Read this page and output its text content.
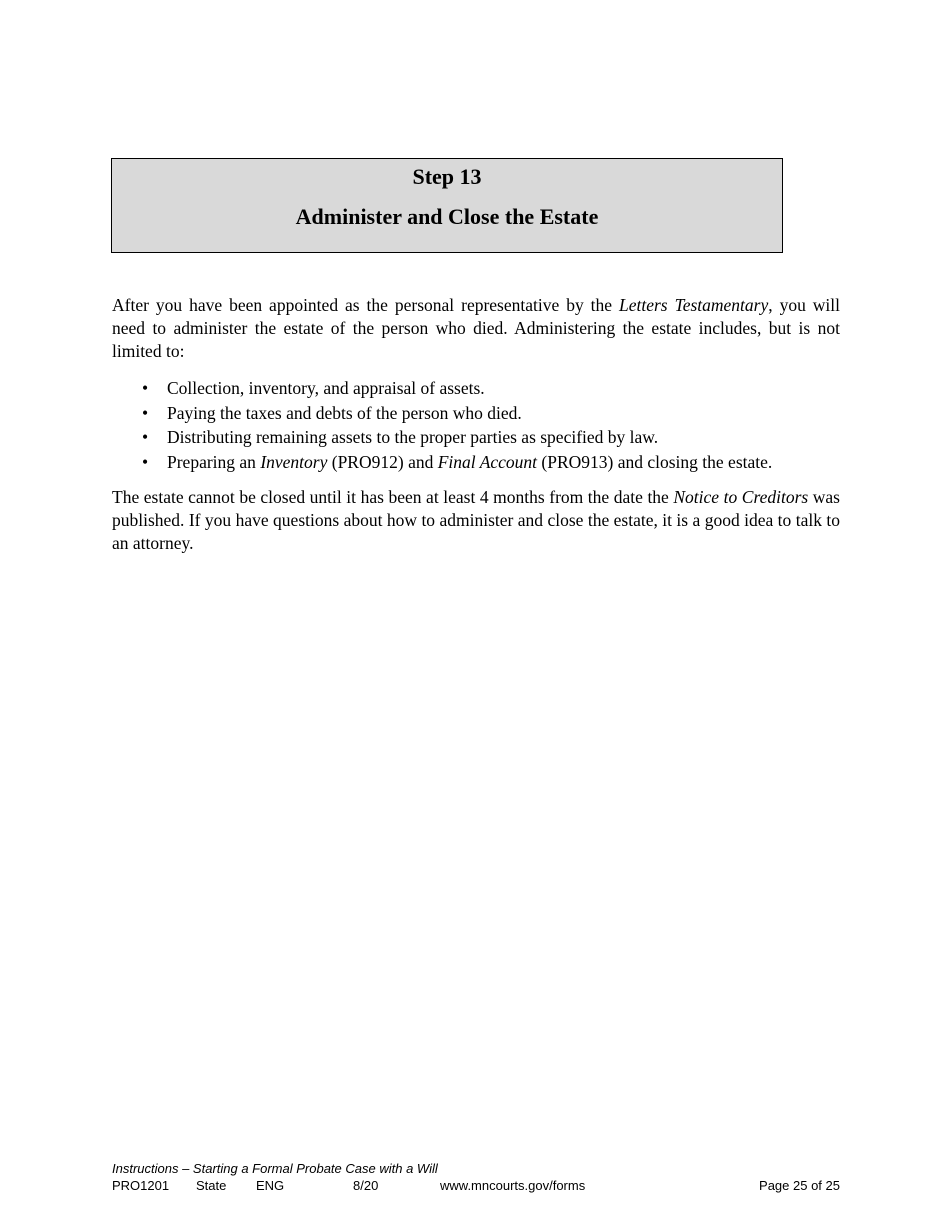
Step 13
Administer and Close the Estate

After you have been appointed as the personal representative by the Letters Testamentary, you will need to administer the estate of the person who died. Administering the estate includes, but is not limited to:

• Collection, inventory, and appraisal of assets.
• Paying the taxes and debts of the person who died.
• Distributing remaining assets to the proper parties as specified by law.
• Preparing an Inventory (PRO912) and Final Account (PRO913) and closing the estate.

The estate cannot be closed until it has been at least 4 months from the date the Notice to Creditors was published. If you have questions about how to administer and close the estate, it is a good idea to talk to an attorney.

Instructions – Starting a Formal Probate Case with a Will
PRO1201 State ENG	8/20	www.mncourts.gov/forms	Page 25 of 25
